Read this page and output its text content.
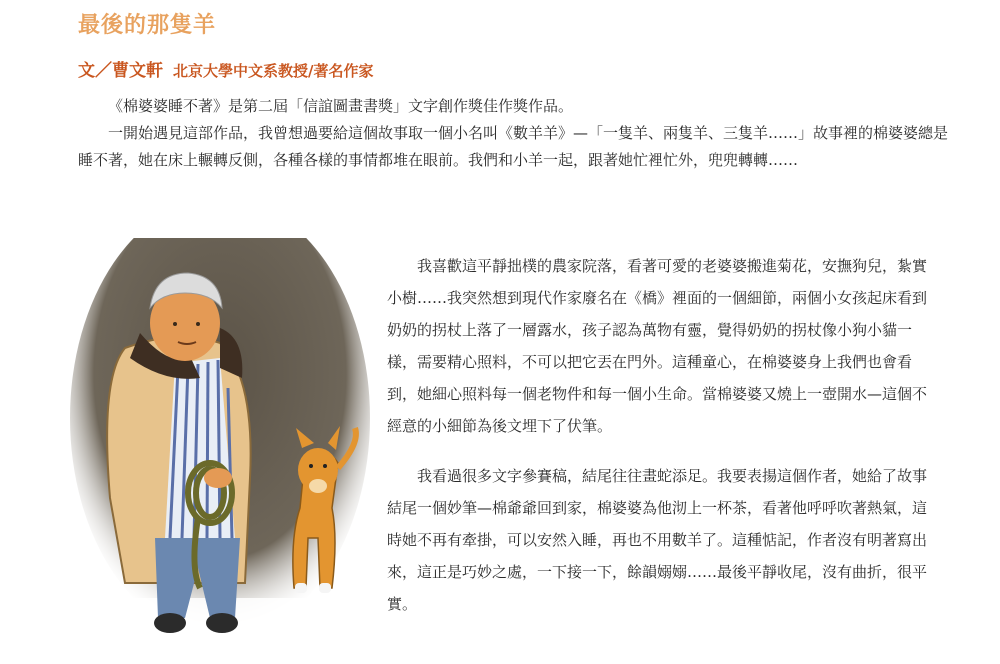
最後的那隻羊
文／曹文軒 北京大學中文系教授/著名作家

《棉婆婆睡不著》是第二屆「信誼圖畫書獎」文字創作獎佳作獎作品。

一開始遇見這部作品，我曾想過要給這個故事取一個小名叫《數羊羊》—「一隻羊、兩隻羊、三隻羊……」故事裡的棉婆婆總是睡不著，她在床上輾轉反側，各種各樣的事情都堆在眼前。我們和小羊一起，跟著她忙裡忙外，兜兜轉轉……

我喜歡這平靜拙樸的農家院落，看著可愛的老婆婆搬進菊花，安撫狗兒，紮實小樹……我突然想到現代作家廢名在《橋》裡面的一個細節，兩個小女孩起床看到奶奶的拐杖上落了一層露水，孩子認為萬物有靈，覺得奶奶的拐杖像小狗小貓一樣，需要精心照料，不可以把它丟在門外。這種童心，在棉婆婆身上我們也會看到，她細心照料每一個老物件和每一個小生命。當棉婆婆又燒上一壺開水—這個不經意的小細節為後文埋下了伏筆。

我看過很多文字參賽稿，結尾往往畫蛇添足。我要表揚這個作者，她給了故事結尾一個妙筆—棉爺爺回到家，棉婆婆為他沏上一杯茶，看著他呼呼吹著熱氣，這時她不再有牽掛，可以安然入睡，再也不用數羊了。這種惦記，作者沒有明著寫出來，這正是巧妙之處，一下接一下，餘韻嫋嫋……最後平靜收尾，沒有曲折，很平實。
